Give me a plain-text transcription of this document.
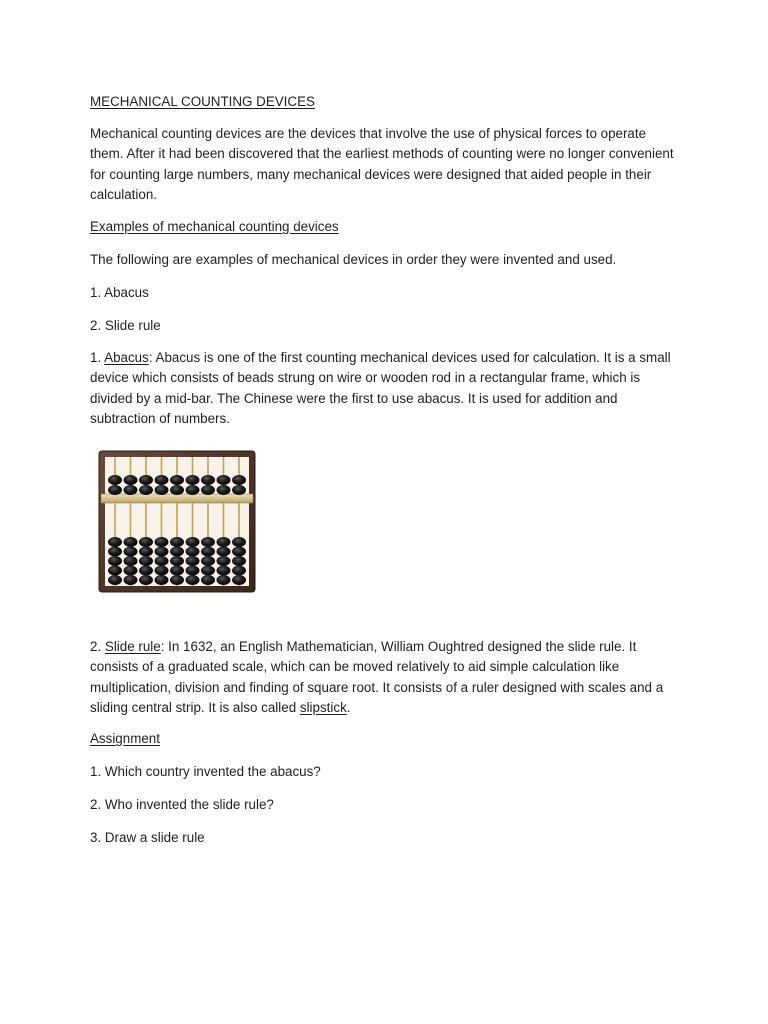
MECHANICAL COUNTING DEVICES
Mechanical counting devices are the devices that involve the use of physical forces to operate them. After it had been discovered that the earliest methods of counting were no longer convenient for counting large numbers, many mechanical devices were designed that aided people in their calculation.
Examples of mechanical counting devices
The following are examples of mechanical devices in order they were invented and used.
1. Abacus
2. Slide rule
1. Abacus: Abacus is one of the first counting mechanical devices used for calculation. It is a small device which consists of beads strung on wire or wooden rod in a rectangular frame, which is divided by a mid-bar. The Chinese were the first to use abacus. It is used for addition and subtraction of numbers.
2. Slide rule: In 1632, an English Mathematician, William Oughtred designed the slide rule. It consists of a graduated scale, which can be moved relatively to aid simple calculation like multiplication, division and finding of square root. It consists of a ruler designed with scales and a sliding central strip. It is also called slipstick.
Assignment
1. Which country invented the abacus?
2. Who invented the slide rule?
3. Draw a slide rule
